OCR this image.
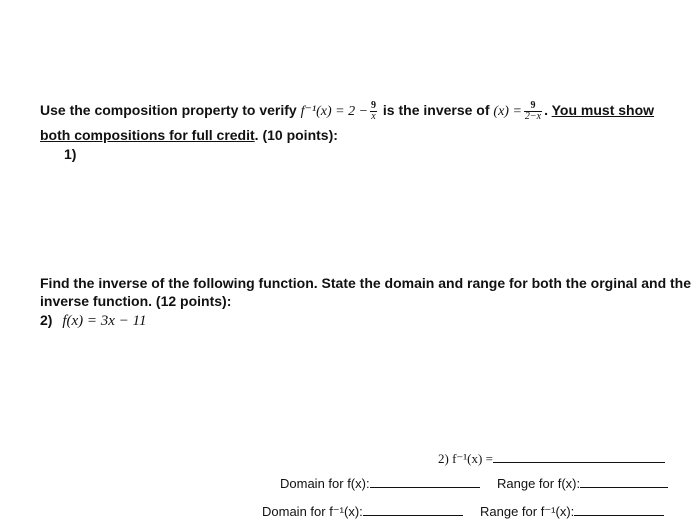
Use the composition property to verify $f^{-1}(x) = 2 - \frac{9}{x}$ is the inverse of $(x) = \frac{9}{2-x}$ . You must show
both compositions for full credit. (10 points):
1)
Find the inverse of the following function. State the domain and range for both the orginal and the
inverse function. (12 points):
2) f(x) = 3x − 11
2) f⁻¹(x) =
Domain for f(x):	Range for f(x):
Domain for f⁻¹(x):	Range for f⁻¹(x):
